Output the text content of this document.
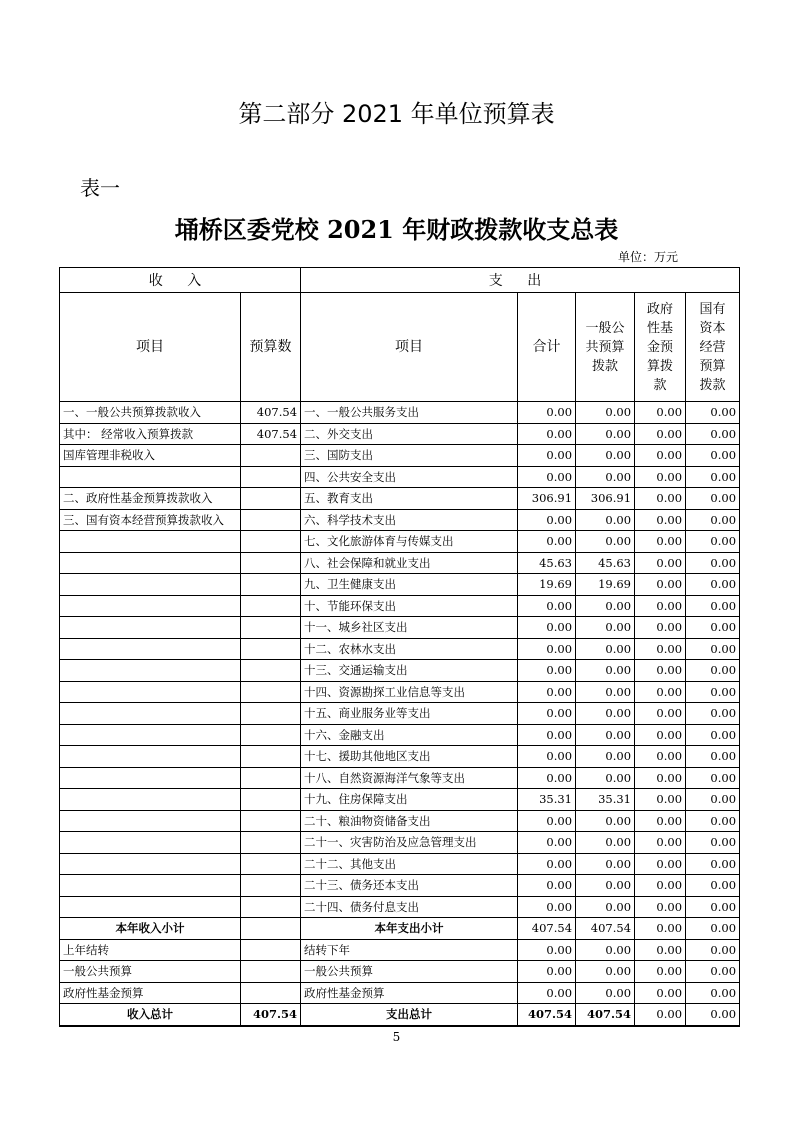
第二部分 2021 年单位预算表
表一
埇桥区委党校 2021 年财政拨款收支总表
单位：万元
收 入		支 出				
项目	预算数	项目	合计	一般公共预算拨款	政府性基金预算拨款	国有资本经营预算拨款
一、一般公共预算拨款收入	407.54	一、一般公共服务支出	0.00	0.00	0.00	0.00
其中： 经常收入预算拨款	407.54	二、外交支出	0.00	0.00	0.00	0.00
国库管理非税收入		三、国防支出	0.00	0.00	0.00	0.00
		四、公共安全支出	0.00	0.00	0.00	0.00
二、政府性基金预算拨款收入		五、教育支出	306.91	306.91	0.00	0.00
三、国有资本经营预算拨款收入		六、科学技术支出	0.00	0.00	0.00	0.00
		七、文化旅游体育与传媒支出	0.00	0.00	0.00	0.00
		八、社会保障和就业支出	45.63	45.63	0.00	0.00
		九、卫生健康支出	19.69	19.69	0.00	0.00
		十、节能环保支出	0.00	0.00	0.00	0.00
		十一、城乡社区支出	0.00	0.00	0.00	0.00
		十二、农林水支出	0.00	0.00	0.00	0.00
		十三、交通运输支出	0.00	0.00	0.00	0.00
		十四、资源勘探工业信息等支出	0.00	0.00	0.00	0.00
		十五、商业服务业等支出	0.00	0.00	0.00	0.00
		十六、金融支出	0.00	0.00	0.00	0.00
		十七、援助其他地区支出	0.00	0.00	0.00	0.00
		十八、自然资源海洋气象等支出	0.00	0.00	0.00	0.00
		十九、住房保障支出	35.31	35.31	0.00	0.00
		二十、粮油物资储备支出	0.00	0.00	0.00	0.00
		二十一、灾害防治及应急管理支出	0.00	0.00	0.00	0.00
		二十二、其他支出	0.00	0.00	0.00	0.00
		二十三、债务还本支出	0.00	0.00	0.00	0.00
		二十四、债务付息支出	0.00	0.00	0.00	0.00
本年收入小计		本年支出小计	407.54	407.54	0.00	0.00
上年结转		结转下年	0.00	0.00	0.00	0.00
一般公共预算		一般公共预算	0.00	0.00	0.00	0.00
政府性基金预算		政府性基金预算	0.00	0.00	0.00	0.00
收入总计	407.54	支出总计	407.54	407.54	0.00	0.00
5
